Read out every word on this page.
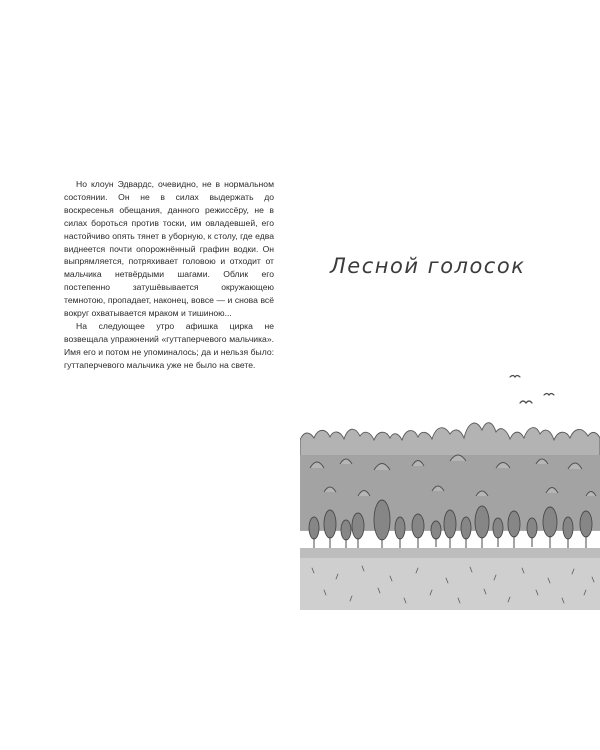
Но клоун Эдвардс, очевидно, не в нормальном состоянии. Он не в силах выдержать до воскресенья обещания, данного режиссёру, не в силах бороться против тоски, им овладевшей, его настойчиво опять тянет в уборную, к столу, где едва виднеется почти опорожнённый графин водки. Он выпрямляется, потряхивает головою и отходит от мальчика нетвёрдыми шагами. Облик его постепенно затушёвывается окружающею темнотою, пропадает, наконец, вовсе — и снова всё вокруг охватывается мраком и тишиною...

На следующее утро афишка цирка не возвещала упражнений «гуттаперчевого мальчика». Имя его и потом не упоминалось; да и нельзя было: гуттаперчевого мальчика уже не было на свете.

Лесной голосок
